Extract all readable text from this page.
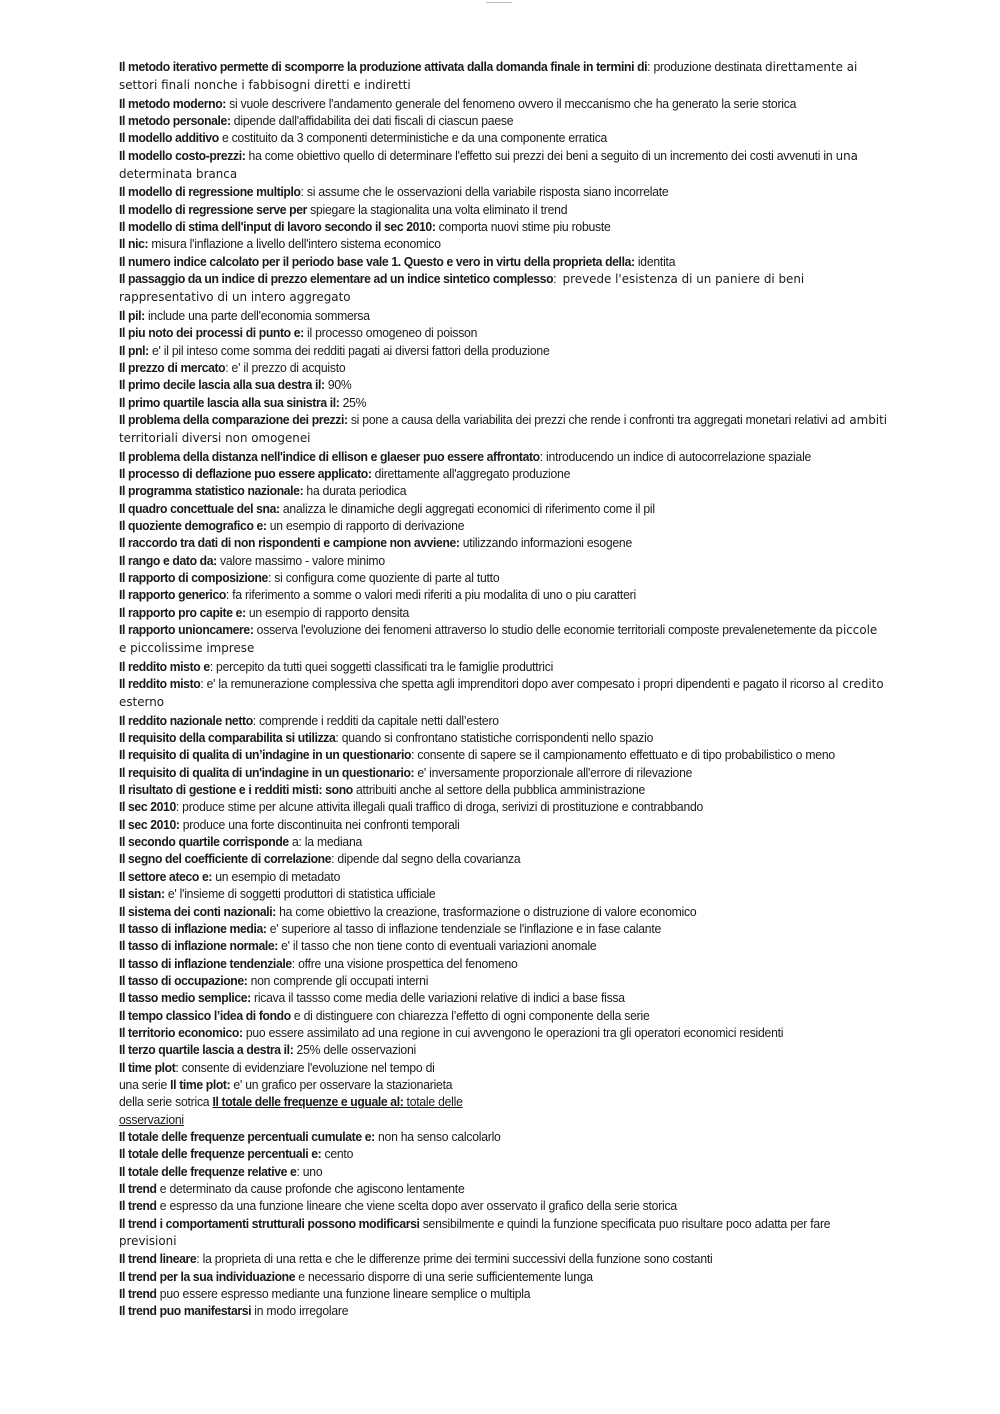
Il metodo iterativo permette di scomporre la produzione attivata dalla domanda finale in termini di: produzione destinata direttamente ai settori finali nonche i fabbisogni diretti e indiretti
Il metodo moderno: si vuole descrivere l'andamento generale del fenomeno ovvero il meccanismo che ha generato la serie storica
Il metodo personale: dipende dall'affidabilita dei dati fiscali di ciascun paese
Il modello additivo e costituito da 3 componenti deterministiche e da una componente erratica
Il modello costo-prezzi: ha come obiettivo quello di determinare l'effetto sui prezzi dei beni a seguito di un incremento dei costi avvenuti in una determinata branca
Il modello di regressione multiplo: si assume che le osservazioni della variabile risposta siano incorrelate
Il modello di regressione serve per spiegare la stagionalita una volta eliminato il trend
Il modello di stima dell'input di lavoro secondo il sec 2010: comporta nuovi stime piu robuste
Il nic: misura l'inflazione a livello dell'intero sistema economico
Il numero indice calcolato per il periodo base vale 1. Questo e vero in virtu della proprieta della: identita
Il passaggio da un indice di prezzo elementare ad un indice sintetico complesso:  prevede l'esistenza di un paniere di beni rappresentativo di un intero aggregato
Il pil: include una parte dell'economia sommersa
Il piu noto dei processi di punto e: il processo omogeneo di poisson
Il pnl: e' il pil inteso come somma dei redditi pagati ai diversi fattori della produzione
Il prezzo di mercato: e' il prezzo di acquisto
Il primo decile lascia alla sua destra il: 90%
Il primo quartile lascia alla sua sinistra il: 25%
Il problema della comparazione dei prezzi: si pone a causa della variabilita dei prezzi che rende i confronti tra aggregati monetari relativi ad ambiti territoriali diversi non omogenei
Il problema della distanza nell'indice di ellison e glaeser puo essere affrontato: introducendo un indice di autocorrelazione spaziale
Il processo di deflazione puo essere applicato: direttamente all'aggregato produzione
Il programma statistico nazionale: ha durata periodica
Il quadro concettuale del sna: analizza le dinamiche degli aggregati economici di riferimento come il pil
Il quoziente demografico e: un esempio di rapporto di derivazione
Il raccordo tra dati di non rispondenti e campione non avviene: utilizzando informazioni esogene
Il rango e dato da: valore massimo - valore minimo
Il rapporto di composizione: si configura come quoziente di parte al tutto
Il rapporto generico: fa riferimento a somme o valori medi riferiti a piu modalita di uno o piu caratteri
Il rapporto pro capite e: un esempio di rapporto densita
Il rapporto unioncamere: osserva l'evoluzione dei fenomeni attraverso lo studio delle economie territoriali composte prevalenetemente da piccole e piccolissime imprese
Il reddito misto e: percepito da tutti quei soggetti classificati tra le famiglie produttrici
Il reddito misto: e' la remunerazione complessiva che spetta agli imprenditori dopo aver compesato i propri dipendenti e pagato il ricorso al credito esterno
Il reddito nazionale netto: comprende i redditi da capitale netti dall’estero
Il requisito della comparabilita si utilizza: quando si confrontano statistiche corrispondenti nello spazio
Il requisito di qualita di un’indagine in un questionario: consente di sapere se il campionamento effettuato e di tipo probabilistico o meno
Il requisito di qualita di un'indagine in un questionario: e' inversamente proporzionale all'errore di rilevazione
Il risultato di gestione e i redditi misti: sono attribuiti anche al settore della pubblica amministrazione
Il sec 2010: produce stime per alcune attivita illegali quali traffico di droga, serivizi di prostituzione e contrabbando
Il sec 2010: produce una forte discontinuita nei confronti temporali
Il secondo quartile corrisponde a: la mediana
Il segno del coefficiente di correlazione: dipende dal segno della covarianza
Il settore ateco e: un esempio di metadato
Il sistan: e' l'insieme di soggetti produttori di statistica ufficiale
Il sistema dei conti nazionali: ha come obiettivo la creazione, trasformazione o distruzione di valore economico
Il tasso di inflazione media: e' superiore al tasso di inflazione tendenziale se l'inflazione e in fase calante
Il tasso di inflazione normale: e' il tasso che non tiene conto di eventuali variazioni anomale
Il tasso di inflazione tendenziale: offre una visione prospettica del fenomeno
Il tasso di occupazione: non comprende gli occupati interni
Il tasso medio semplice: ricava il tassso come media delle variazioni relative di indici a base fissa
Il tempo classico l’idea di fondo e di distinguere con chiarezza l’effetto di ogni componente della serie
Il territorio economico: puo essere assimilato ad una regione in cui avvengono le operazioni tra gli operatori economici residenti
Il terzo quartile lascia a destra il: 25% delle osservazioni
Il time plot: consente di evidenziare l'evoluzione nel tempo di
una serie Il time plot: e' un grafico per osservare la stazionarieta
della serie sotrica Il totale delle frequenze e uguale al: totale delle
osservazioni
Il totale delle frequenze percentuali cumulate e: non ha senso calcolarlo
Il totale delle frequenze percentuali e: cento
Il totale delle frequenze relative e: uno
Il trend e determinato da cause profonde che agiscono lentamente
Il trend e espresso da una funzione lineare che viene scelta dopo aver osservato il grafico della serie storica
Il trend i comportamenti strutturali possono modificarsi sensibilmente e quindi la funzione specificata puo risultare poco adatta per fare previsioni
Il trend lineare: la proprieta di una retta e che le differenze prime dei termini successivi della funzione sono costanti
Il trend per la sua individuazione e necessario disporre di una serie sufficientemente lunga
Il trend puo essere espresso mediante una funzione lineare semplice o multipla
Il trend puo manifestarsi in modo irregolare
